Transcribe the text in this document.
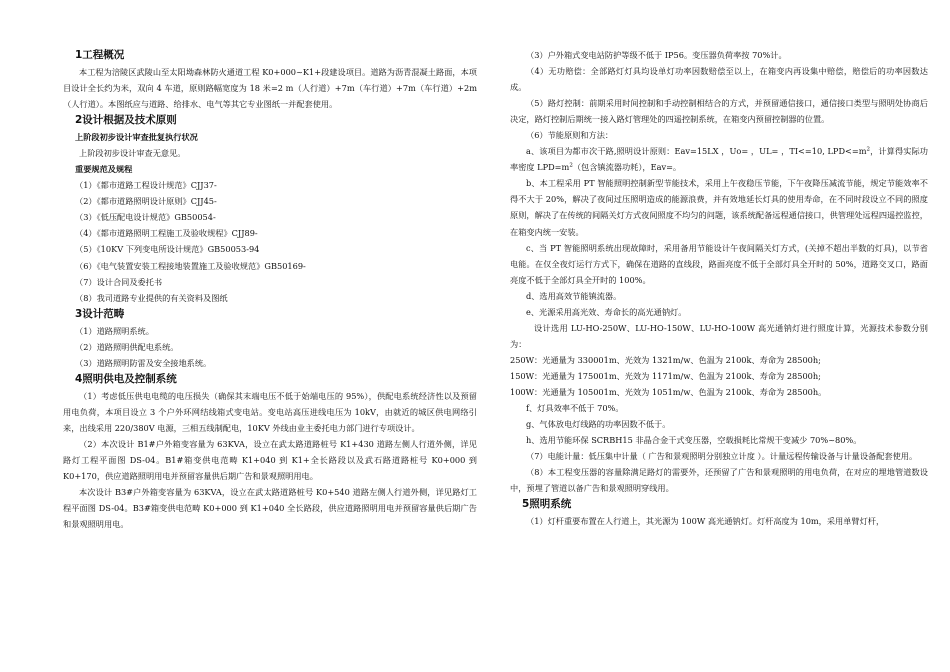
1工程概况
本工程为涪陵区武陵山至太阳坳森林防火通道工程 K0+000~K1+段建设项目。道路为沥青混凝土路面，本项目设计全长约为米，双向 4 车道，原则路幅宽度为 18 米=2 m（人行道）+7m（车行道）+7m（车行道）+2m（人行道）。本图纸应与道路、给排水、电气等其它专业图纸一并配套使用。
2设计根据及技术原则
上阶段初步设计审查批复执行状况
上阶段初步设计审查无意见。
重要规范及规程
（1）《都市道路工程设计规范》CJJ37-
（2）《都市道路照明设计原则》CJJ45-
（3）《低压配电设计规范》GB50054-
（4）《都市道路照明工程施工及验收规程》CJJ89-
（5）《10KV 下列变电所设计规范》GB50053-94
（6）《电气装置安装工程接地装置施工及验收规范》GB50169-
（7）设计合同及委托书
（8）我司道路专业提供的有关资料及图纸
3设计范畴
（1）道路照明系统。
（2）道路照明供配电系统。
（3）道路照明防雷及安全接地系统。
4照明供电及控制系统
（1）考虑低压供电电缆的电压损失（确保其末端电压不低于始端电压的 95%），供配电系统经济性以及预留用电负荷，本项目设立 3 个户外环网结线箱式变电站。变电站高压进线电压为 10kV，由就近的城区供电网络引来，出线采用 220/380V 电源，三相五线制配电，10KV 外线由业主委托电力部门进行专项设计。
（2）本次设计 B1#户外箱变容量为 63KVA，设立在武太路道路桩号 K1+430 道路左侧人行道外侧，详见路灯工程平面图 DS-04。B1#箱变供电范畴 K1+040 到 K1+全长路段以及武石路道路桩号 K0+000 到 K0+170，供应道路照明用电并预留容量供后期广告和景观照明用电。
本次设计 B3#户外箱变容量为 63KVA，设立在武太路道路桩号 K0+540 道路左侧人行道外侧，详见路灯工程平面图 DS-04。B3#箱变供电范畴 K0+000 到 K1+040 全长路段，供应道路照明用电并预留容量供后期广告和景观照明用电。
（3）户外箱式变电站防护等级不低于 IP56。变压器负荷率按 70%计。
（4）无功赔偿：全部路灯灯具均设单灯功率因数赔偿至以上，在箱变内再设集中赔偿，赔偿后的功率因数达成。
（5）路灯控制：前期采用时间控制和手动控制相结合的方式，并预留通信接口，通信接口类型与照明处协商后决定，路灯控制后期统一接入路灯管理处的四遥控制系统，在箱变内预留控制器的位置。
（6）节能原则和方法：
a、该项目为都市次干路,照明设计原则：Eav=15LX ，Uo= ，UL= ，TI<=10, $LPD<=m^2$，计算得实际功率密度 $LPD=m^2$（包含镇流器功耗），Eav=。
b、本工程采用 PT 智能照明控制新型节能技术，采用上午夜稳压节能，下午夜降压减流节能，规定节能效率不得不大于 20%，解决了夜间过压照明造成的能源浪费，并有效地延长灯具的使用寿命，在不同时段设立不同的照度原则，解决了在传统的间隔关灯方式夜间照度不均匀的问题，该系统配备远程通信接口，供管理处远程四遥控监控，在箱变内统一安装。
c、当 PT 智能照明系统出现故障时，采用备用节能设计午夜间隔关灯方式，(关掉不超出半数的灯具)，以节省电能。在仅全夜灯运行方式下，确保在道路的直线段，路面亮度不低于全部灯具全开时的 50%，道路交叉口，路面亮度不低于全部灯具全开时的 100%。
d、选用高效节能镇流器。
e、光源采用高光效、寿命长的高光通钠灯。
设计选用 LU-HO-250W、LU-HO-150W、LU-HO-100W 高光通钠灯进行照度计算，光源技术参数分别为：
250W：光通量为 330001m、光效为 1321m/w、色温为 2100k、寿命为 28500h;
150W：光通量为 175001m、光效为 1171m/w、色温为 2100k、寿命为 28500h;
100W：光通量为 105001m、光效为 1051m/w、色温为 2100k、寿命为 28500h。
f、灯具效率不低于 70%。
g、气体放电灯线路的功率因数不低于。
h、选用节能环保 SCRBH15 非晶合金干式变压器，空载损耗比常规干变减少 70%~80%。
（7）电能计量：低压集中计量（ 广告和景观照明分别独立计度 ）。计量远程传输设备与计量设备配套使用。
（8）本工程变压器的容量除满足路灯的需要外，还预留了广告和景观照明的用电负荷，在对应的埋地管道数设中，预埋了管道以备广告和景观照明穿线用。
5照明系统
（1）灯杆重要布置在人行道上，其光源为 100W 高光通钠灯。灯杆高度为 10m，采用单臂灯杆，
